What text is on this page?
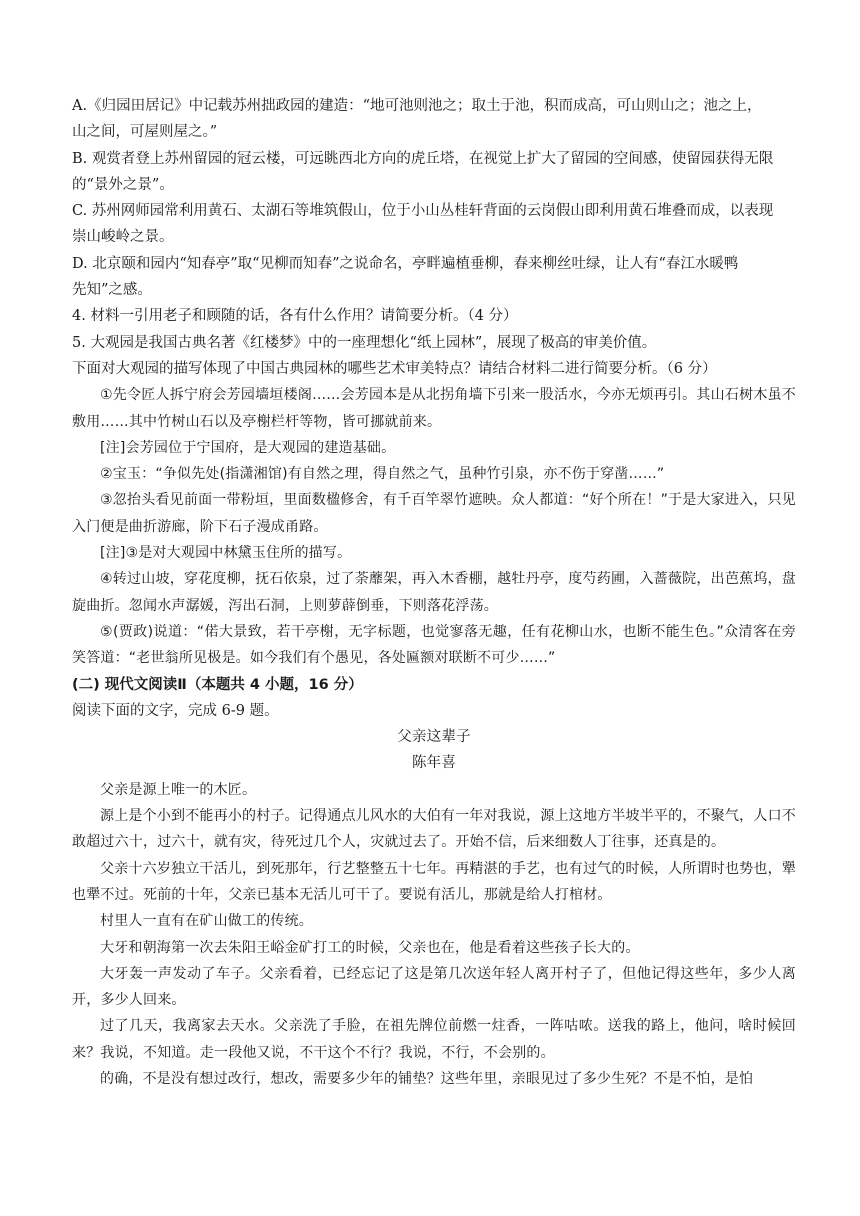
A.《归园田居记》中记载苏州拙政园的建造：“地可池则池之；取土于池，积而成高，可山则山之；池之上，

山之间，可屋则屋之。”

B. 观赏者登上苏州留园的冠云楼，可远眺西北方向的虎丘塔，在视觉上扩大了留园的空间感，使留园获得无限

的“景外之景”。

C. 苏州网师园常利用黄石、太湖石等堆筑假山，位于小山丛桂轩背面的云岗假山即利用黄石堆叠而成，以表现

崇山峻岭之景。

D. 北京颐和园内“知春亭”取“见柳而知春”之说命名，亭畔遍植垂柳，春来柳丝吐绿，让人有“春江水暖鸭

先知”之感。

4. 材料一引用老子和顾随的话，各有什么作用？请简要分析。（4 分）

5. 大观园是我国古典名著《红楼梦》中的一座理想化“纸上园林”，展现了极高的审美价值。

下面对大观园的描写体现了中国古典园林的哪些艺术审美特点？请结合材料二进行简要分析。（6 分）

①先令匠人拆宁府会芳园墙垣楼阁……会芳园本是从北拐角墙下引来一股活水，今亦无烦再引。其山石树木虽不敷用……其中竹树山石以及亭榭栏杆等物，皆可挪就前来。

[注]会芳园位于宁国府，是大观园的建造基础。

②宝玉：“争似先处(指潇湘馆)有自然之理，得自然之气，虽种竹引泉，亦不伤于穿凿……”

③忽抬头看见前面一带粉垣，里面数楹修舍，有千百竿翠竹遮映。众人都道：“好个所在！”于是大家进入，只见入门便是曲折游廊，阶下石子漫成甬路。

[注]③是对大观园中林黛玉住所的描写。

④转过山坡，穿花度柳，抚石依泉，过了荼蘼架，再入木香棚，越牡丹亭，度芍药圃，入蔷薇院，出芭蕉坞，盘旋曲折。忽闻水声潺媛，泻出石洞，上则萝薜倒垂，下则落花浮荡。

⑤(贾政)说道：“偌大景致，若干亭榭，无字标题，也觉寥落无趣，任有花柳山水，也断不能生色。”众清客在旁笑答道：“老世翁所见极是。如今我们有个愚见，各处匾额对联断不可少……”

(二) 现代文阅读Ⅱ（本题共 4 小题，16 分）

阅读下面的文字，完成 6-9 题。

父亲这辈子

陈年喜

父亲是源上唯一的木匠。

源上是个小到不能再小的村子。记得通点儿风水的大伯有一年对我说，源上这地方半坡半平的，不聚气，人口不敢超过六十，过六十，就有灾，待死过几个人，灾就过去了。开始不信，后来细数人丁往事，还真是的。

父亲十六岁独立干活儿，到死那年，行艺整整五十七年。再精湛的手艺，也有过气的时候，人所谓时也势也，犟也犟不过。死前的十年，父亲已基本无活儿可干了。要说有活儿，那就是给人打棺材。

村里人一直有在矿山做工的传统。

大牙和朝海第一次去朱阳王峪金矿打工的时候，父亲也在，他是看着这些孩子长大的。

大牙轰一声发动了车子。父亲看着，已经忘记了这是第几次送年轻人离开村子了，但他记得这些年，多少人离开，多少人回来。

过了几天，我离家去天水。父亲洗了手脸，在祖先牌位前燃一炷香，一阵咕哝。送我的路上，他问，啥时候回来？我说，不知道。走一段他又说，不干这个不行？我说，不行，不会别的。

的确，不是没有想过改行，想改，需要多少年的铺垫？这些年里，亲眼见过了多少生死？不是不怕，是怕
